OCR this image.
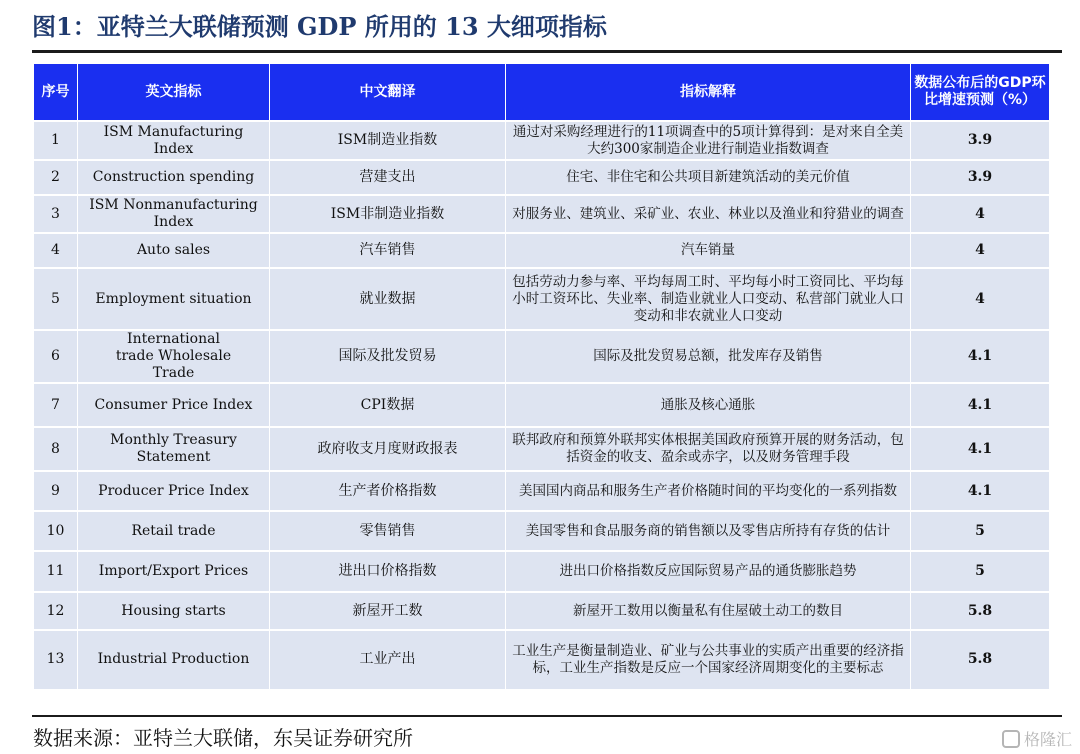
图1：亚特兰大联储预测 GDP 所用的 13 大细项指标
序号	英文指标	中文翻译	指标解释	数据公布后的GDP环比增速预测（%）
1	ISM Manufacturing Index	ISM制造业指数	通过对采购经理进行的11项调查中的5项计算得到：是对来自全美大约300家制造企业进行制造业指数调查	3.9
2	Construction spending	营建支出	住宅、非住宅和公共项目新建筑活动的美元价值	3.9
3	ISM Nonmanufacturing Index	ISM非制造业指数	对服务业、建筑业、采矿业、农业、林业以及渔业和狩猎业的调查	4
4	Auto sales	汽车销售	汽车销量	4
5	Employment situation	就业数据	包括劳动力参与率、平均每周工时、平均每小时工资同比、平均每小时工资环比、失业率、制造业就业人口变动、私营部门就业人口变动和非农就业人口变动	4
6	International trade Wholesale Trade	国际及批发贸易	国际及批发贸易总额，批发库存及销售	4.1
7	Consumer Price Index	CPI数据	通胀及核心通胀	4.1
8	Monthly Treasury Statement	政府收支月度财政报表	联邦政府和预算外联邦实体根据美国政府预算开展的财务活动，包括资金的收支、盈余或赤字，以及财务管理手段	4.1
9	Producer Price Index	生产者价格指数	美国国内商品和服务生产者价格随时间的平均变化的一系列指数	4.1
10	Retail trade	零售销售	美国零售和食品服务商的销售额以及零售店所持有存货的估计	5
11	Import/Export Prices	进出口价格指数	进出口价格指数反应国际贸易产品的通货膨胀趋势	5
12	Housing starts	新屋开工数	新屋开工数用以衡量私有住屋破土动工的数目	5.8
13	Industrial Production	工业产出	工业生产是衡量制造业、矿业与公共事业的实质产出重要的经济指标，工业生产指数是反应一个国家经济周期变化的主要标志	5.8
数据来源：亚特兰大联储，东吴证券研究所	格隆汇
